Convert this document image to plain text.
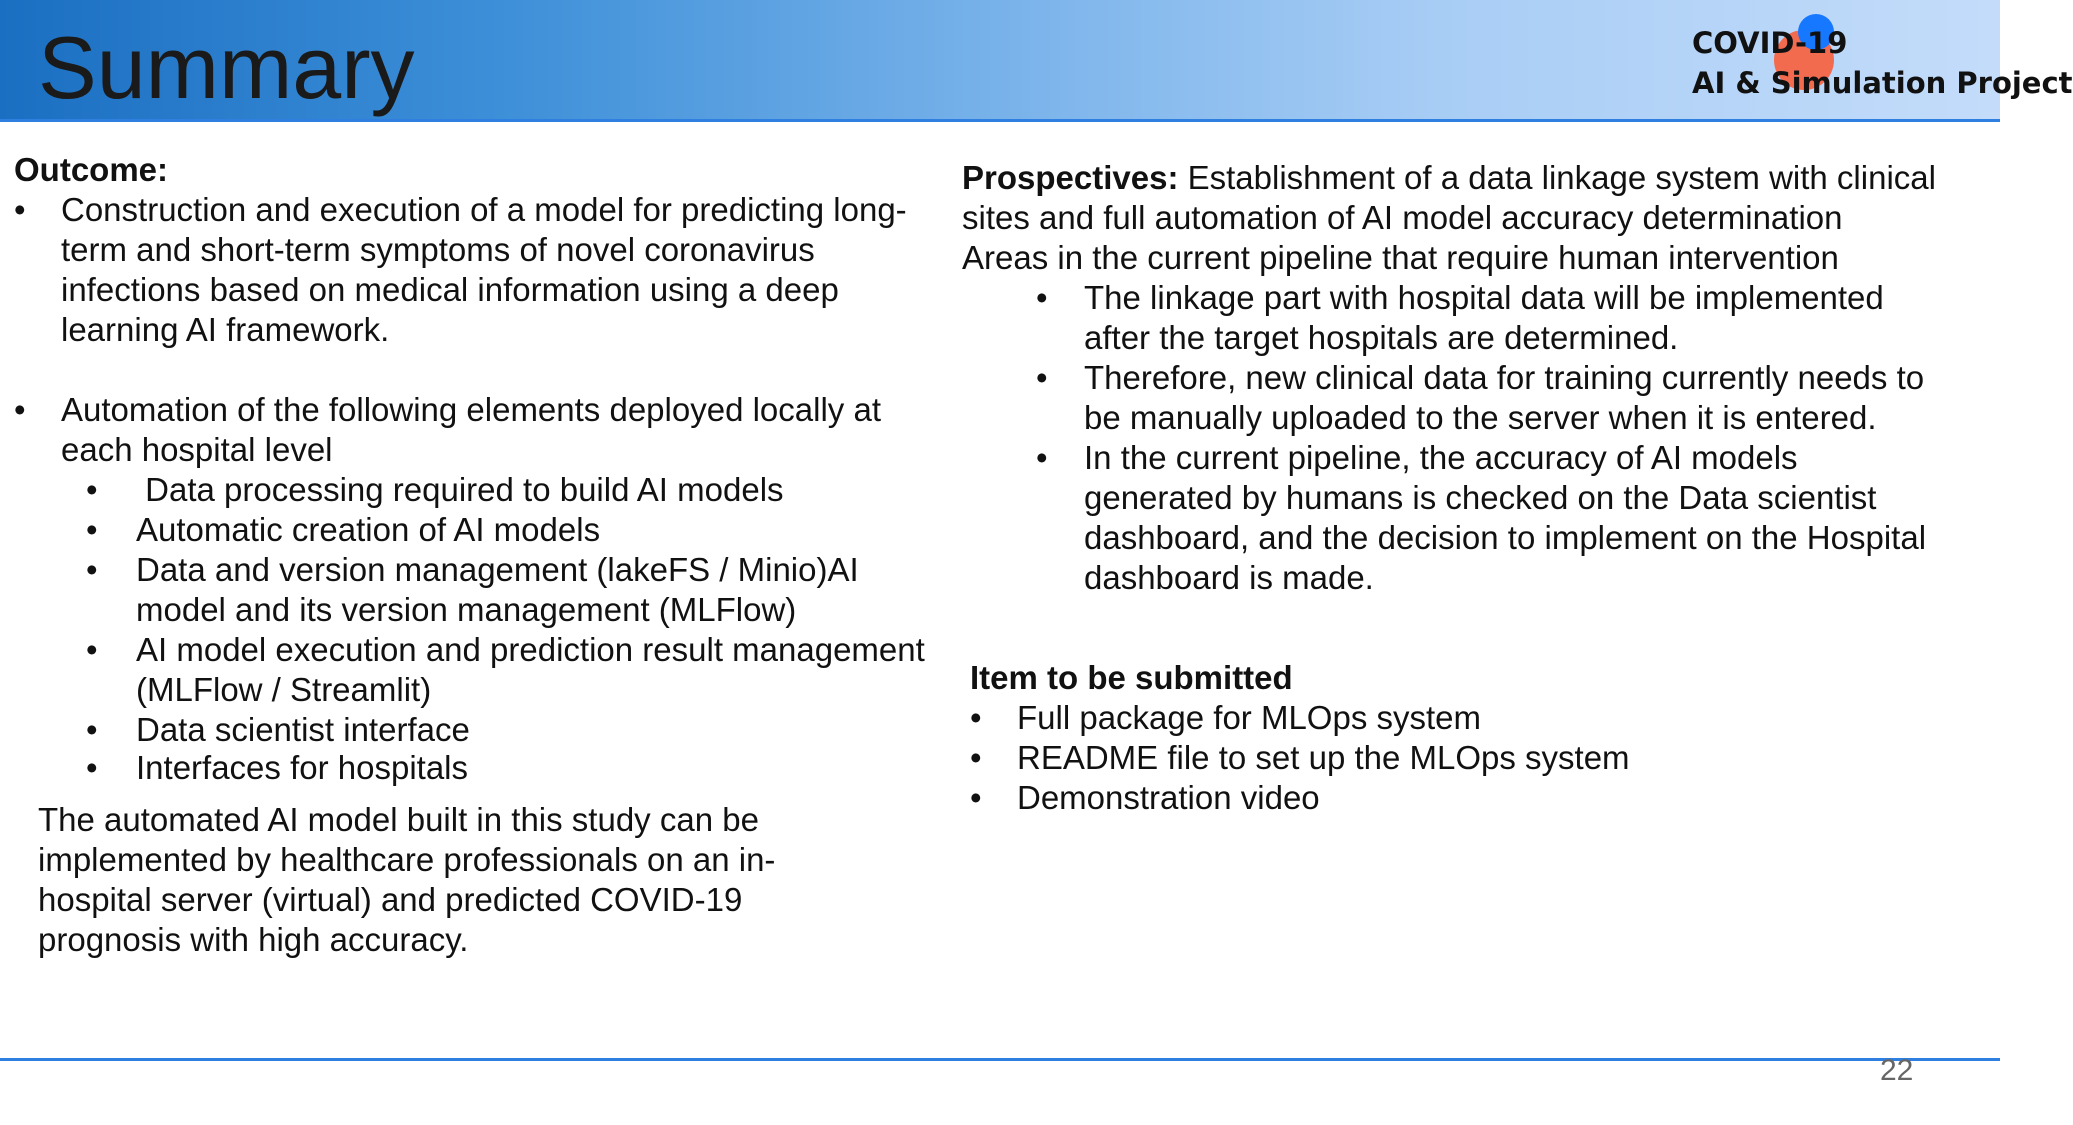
Summary	COVID-19
AI & Simulation Project
Outcome:
• Construction and execution of a model for predicting long-term and short-term symptoms of novel coronavirus infections based on medical information using a deep learning AI framework.
• Automation of the following elements deployed locally at each hospital level
• Data processing required to build AI models
• Automatic creation of AI models
• Data and version management (lakeFS / Minio)AI model and its version management (MLFlow)
• AI model execution and prediction result management (MLFlow / Streamlit)
• Data scientist interface
• Interfaces for hospitals
The automated AI model built in this study can be implemented by healthcare professionals on an in-hospital server (virtual) and predicted COVID-19 prognosis with high accuracy.
Prospectives: Establishment of a data linkage system with clinical sites and full automation of AI model accuracy determination
Areas in the current pipeline that require human intervention
• The linkage part with hospital data will be implemented after the target hospitals are determined.
• Therefore, new clinical data for training currently needs to be manually uploaded to the server when it is entered.
• In the current pipeline, the accuracy of AI models generated by humans is checked on the Data scientist dashboard, and the decision to implement on the Hospital dashboard is made.
Item to be submitted
• Full package for MLOps system
• README file to set up the MLOps system
• Demonstration video
22
